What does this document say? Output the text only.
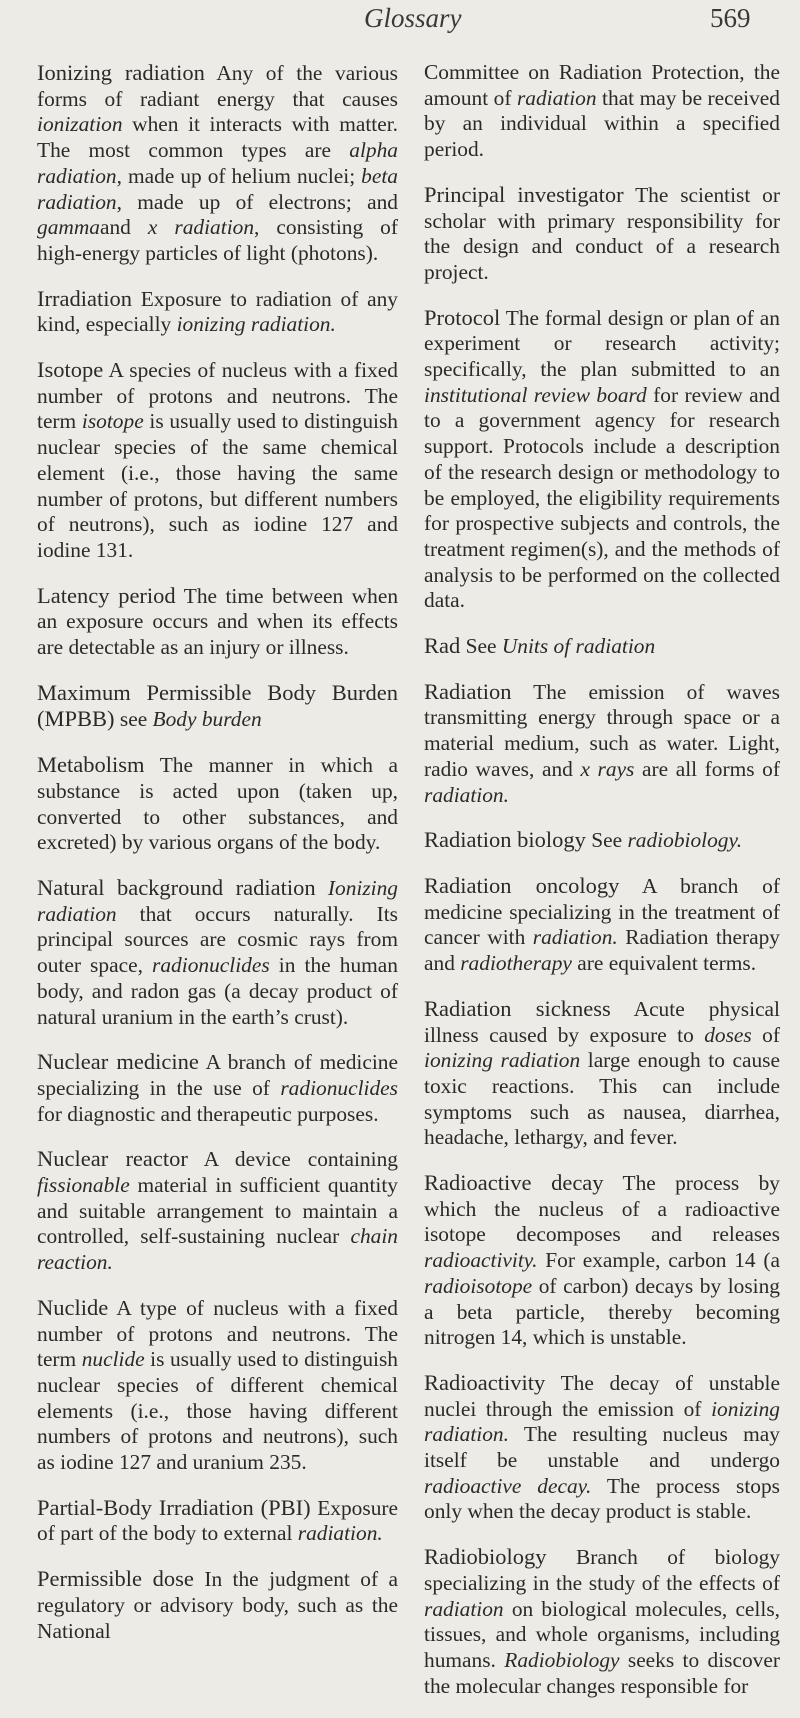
Glossary	569

Ionizing radiation Any of the various forms of radiant energy that causes ionization when it interacts with matter. The most common types are alpha radiation, made up of helium nuclei; beta radiation, made up of electrons; and gammaand x radiation, consisting of high-energy particles of light (photons).

Irradiation Exposure to radiation of any kind, especially ionizing radiation.

Isotope A species of nucleus with a fixed number of protons and neutrons. The term isotope is usually used to distinguish nuclear species of the same chemical element (i.e., those having the same number of protons, but different numbers of neutrons), such as iodine 127 and iodine 131.

Latency period The time between when an exposure occurs and when its effects are detectable as an injury or illness.

Maximum Permissible Body Burden (MPBB) see Body burden

Metabolism The manner in which a substance is acted upon (taken up, converted to other substances, and excreted) by various organs of the body.

Natural background radiation Ionizing radiation that occurs naturally. Its principal sources are cosmic rays from outer space, radionuclides in the human body, and radon gas (a decay product of natural uranium in the earth’s crust).

Nuclear medicine A branch of medicine specializing in the use of radionuclides for diagnostic and therapeutic purposes.

Nuclear reactor A device containing fissionable material in sufficient quantity and suitable arrangement to maintain a controlled, self-sustaining nuclear chain reaction.

Nuclide A type of nucleus with a fixed number of protons and neutrons. The term nuclide is usually used to distinguish nuclear species of different chemical elements (i.e., those having different numbers of protons and neutrons), such as iodine 127 and uranium 235.

Partial-Body Irradiation (PBI) Exposure of part of the body to external radiation.

Permissible dose In the judgment of a regulatory or advisory body, such as the National

Committee on Radiation Protection, the amount of radiation that may be received by an individual within a specified period.

Principal investigator The scientist or scholar with primary responsibility for the design and conduct of a research project.

Protocol The formal design or plan of an experiment or research activity; specifically, the plan submitted to an institutional review board for review and to a government agency for research support. Protocols include a description of the research design or methodology to be employed, the eligibility requirements for prospective subjects and controls, the treatment regimen(s), and the methods of analysis to be performed on the collected data.

Rad See Units of radiation

Radiation The emission of waves transmitting energy through space or a material medium, such as water. Light, radio waves, and x rays are all forms of radiation.

Radiation biology See radiobiology.

Radiation oncology A branch of medicine specializing in the treatment of cancer with radiation. Radiation therapy and radiotherapy are equivalent terms.

Radiation sickness Acute physical illness caused by exposure to doses of ionizing radiation large enough to cause toxic reactions. This can include symptoms such as nausea, diarrhea, headache, lethargy, and fever.

Radioactive decay The process by which the nucleus of a radioactive isotope decomposes and releases radioactivity. For example, carbon 14 (a radioisotope of carbon) decays by losing a beta particle, thereby becoming nitrogen 14, which is unstable.

Radioactivity The decay of unstable nuclei through the emission of ionizing radiation. The resulting nucleus may itself be unstable and undergo radioactive decay. The process stops only when the decay product is stable.

Radiobiology Branch of biology specializing in the study of the effects of radiation on biological molecules, cells, tissues, and whole organisms, including humans. Radiobiology seeks to discover the molecular changes responsible for
